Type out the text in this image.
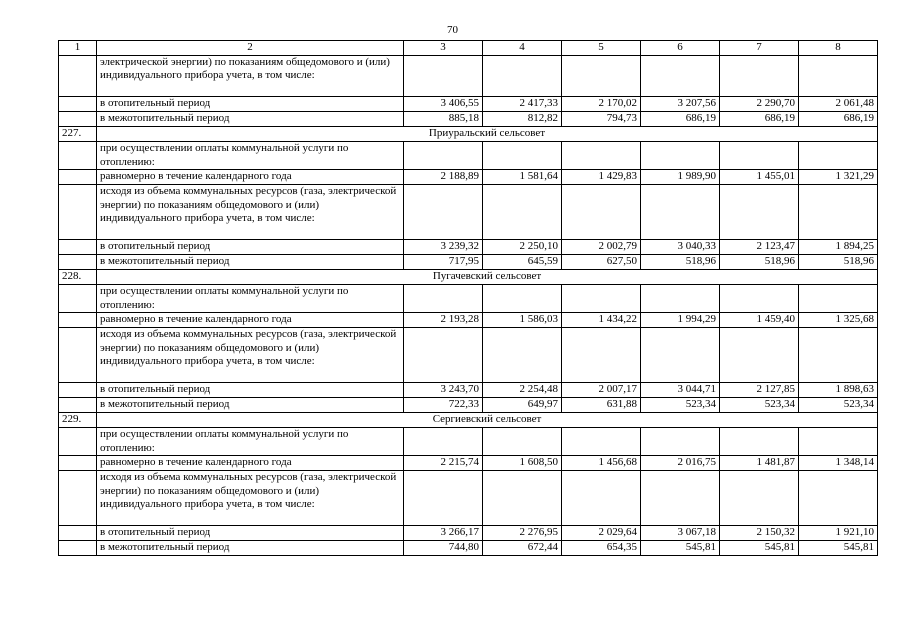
70
1	2	3	4	5	6	7	8
	электрической энергии) по показаниям общедомового и (или) индивидуального прибора учета, в том числе:						
	в отопительный период	3 406,55	2 417,33	2 170,02	3 207,56	2 290,70	2 061,48
	в межотопительный период	885,18	812,82	794,73	686,19	686,19	686,19
227.	Приуральский сельсовет						
	при осуществлении оплаты коммунальной услуги по отоплению:						
	равномерно в течение календарного года	2 188,89	1 581,64	1 429,83	1 989,90	1 455,01	1 321,29
	исходя из объема коммунальных ресурсов (газа, электрической энергии) по показаниям общедомового и (или) индивидуального прибора учета, в том числе:						
	в отопительный период	3 239,32	2 250,10	2 002,79	3 040,33	2 123,47	1 894,25
	в межотопительный период	717,95	645,59	627,50	518,96	518,96	518,96
228.	Пугачевский сельсовет						
	при осуществлении оплаты коммунальной услуги по отоплению:						
	равномерно в течение календарного года	2 193,28	1 586,03	1 434,22	1 994,29	1 459,40	1 325,68
	исходя из объема коммунальных ресурсов (газа, электрической энергии) по показаниям общедомового и (или) индивидуального прибора учета, в том числе:						
	в отопительный период	3 243,70	2 254,48	2 007,17	3 044,71	2 127,85	1 898,63
	в межотопительный период	722,33	649,97	631,88	523,34	523,34	523,34
229.	Сергиевский сельсовет						
	при осуществлении оплаты коммунальной услуги по отоплению:						
	равномерно в течение календарного года	2 215,74	1 608,50	1 456,68	2 016,75	1 481,87	1 348,14
	исходя из объема коммунальных ресурсов (газа, электрической энергии) по показаниям общедомового и (или) индивидуального прибора учета, в том числе:						
	в отопительный период	3 266,17	2 276,95	2 029,64	3 067,18	2 150,32	1 921,10
	в межотопительный период	744,80	672,44	654,35	545,81	545,81	545,81
